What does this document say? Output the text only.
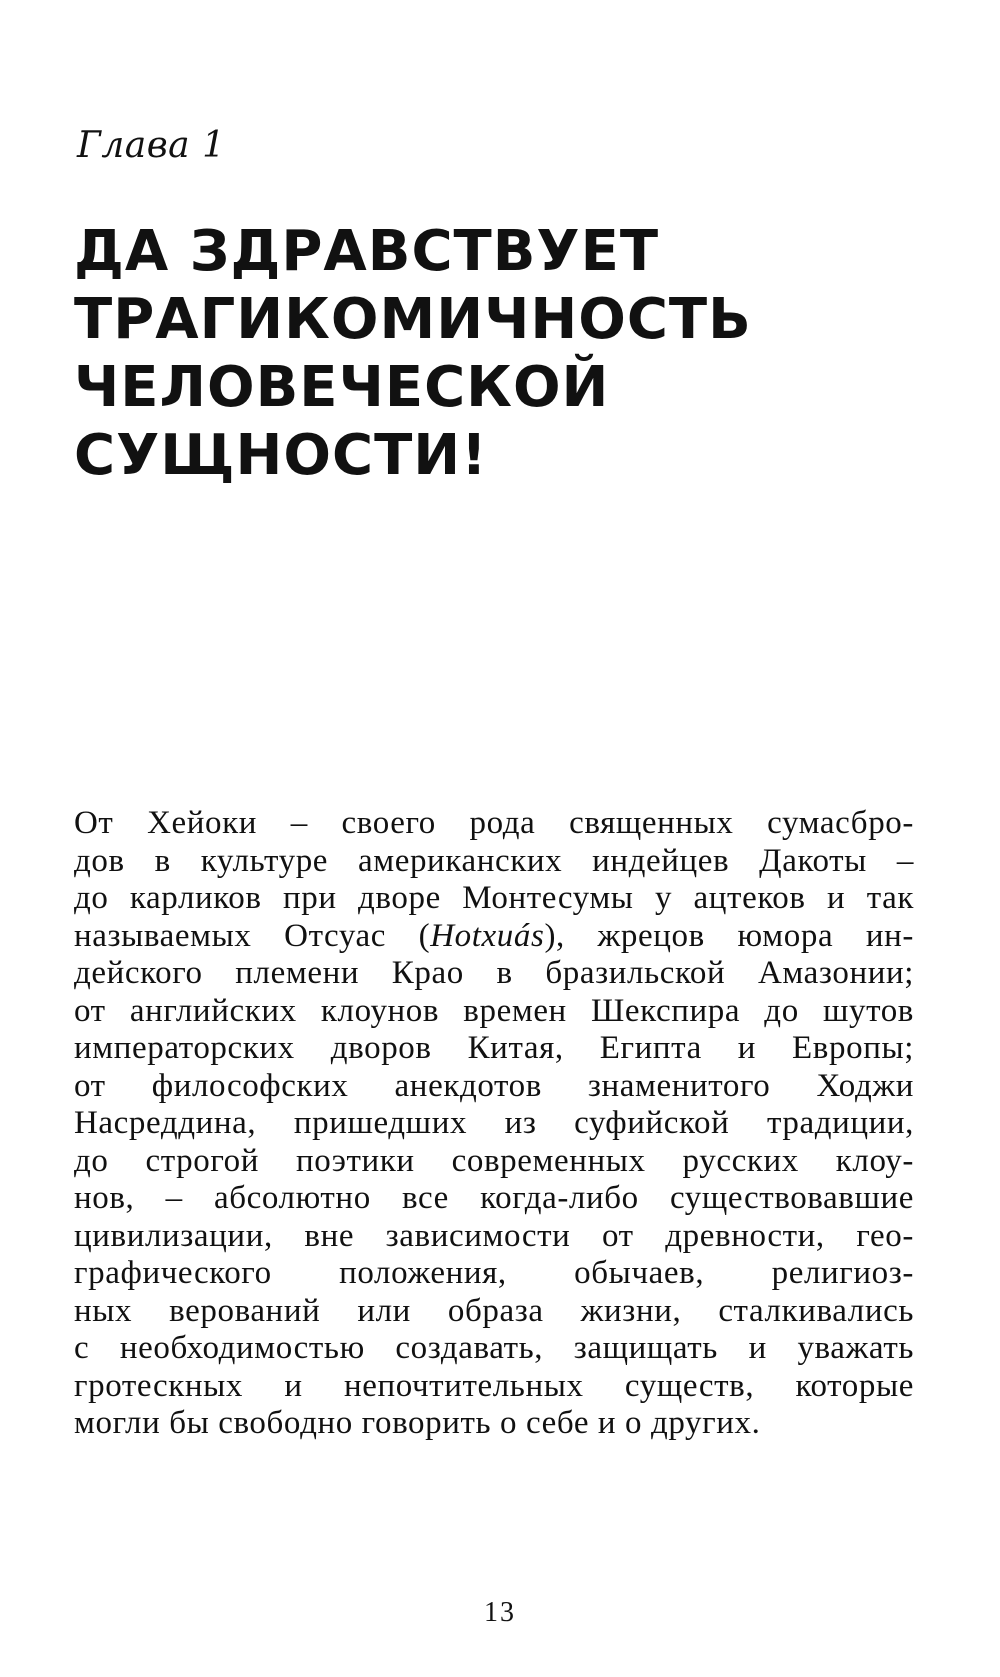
Глава 1
ДА ЗДРАВСТВУЕТ
ТРАГИКОМИЧНОСТЬ
ЧЕЛОВЕЧЕСКОЙ
СУЩНОСТИ!
От Хейоки – своего рода священных сумасбро-
дов в культуре американских индейцев Дакоты –
до карликов при дворе Монтесумы у ацтеков и так
называемых Отсуас (Hotxuás), жрецов юмора ин-
дейского племени Крао в бразильской Амазонии;
от английских клоунов времен Шекспира до шутов
императорских дворов Китая, Египта и Европы;
от философских анекдотов знаменитого Ходжи
Насреддина, пришедших из суфийской традиции,
до строгой поэтики современных русских клоу-
нов, – абсолютно все когда-либо существовавшие
цивилизации, вне зависимости от древности, гео-
графического положения, обычаев, религиоз-
ных верований или образа жизни, сталкивались
с необходимостью создавать, защищать и уважать
гротескных и непочтительных существ, которые
могли бы свободно говорить о себе и о других.
13
